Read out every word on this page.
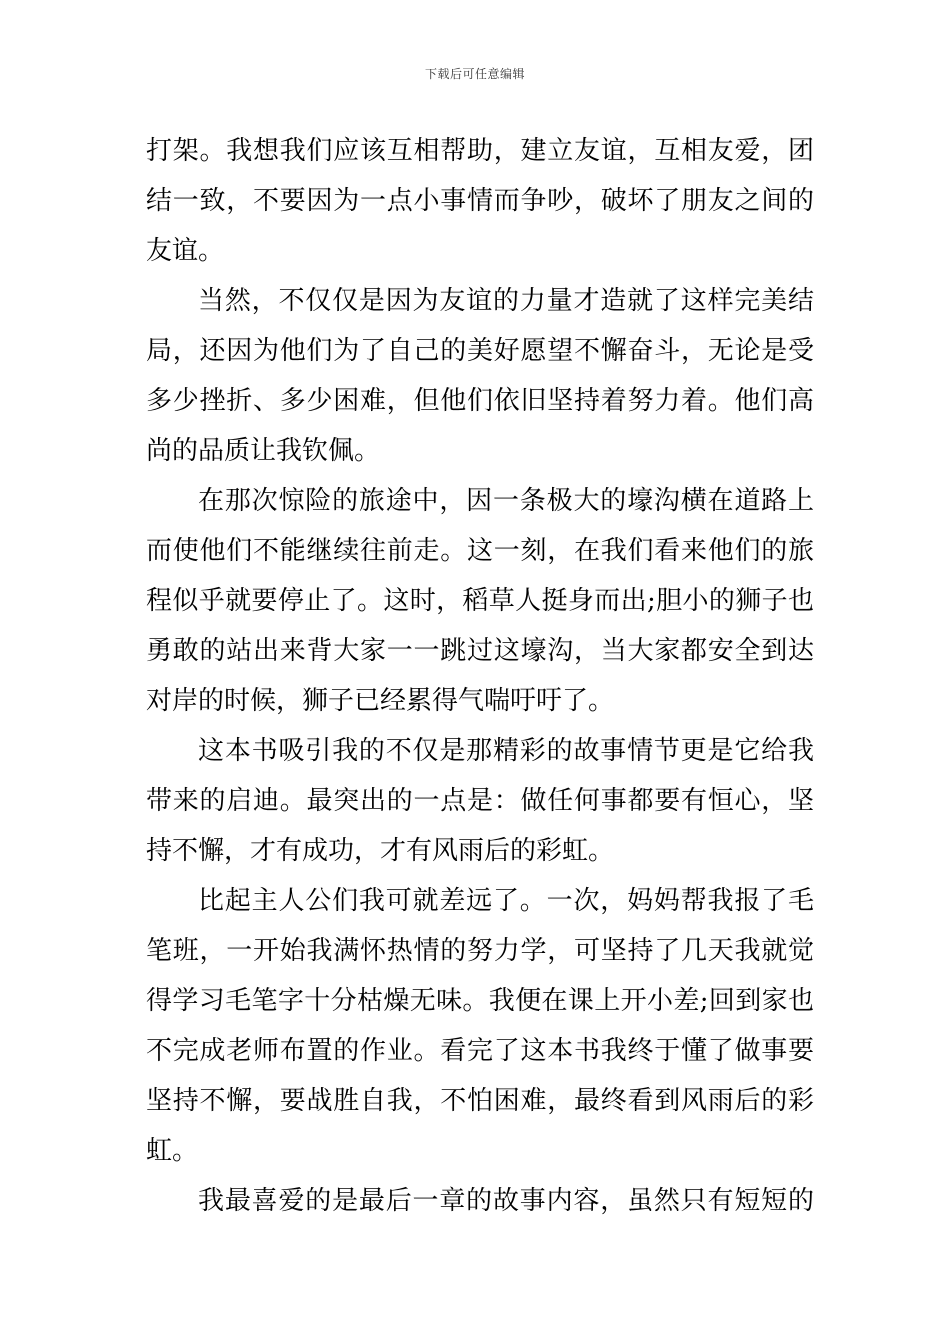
下载后可任意编辑
打架。我想我们应该互相帮助，建立友谊，互相友爱，团
结一致，不要因为一点小事情而争吵，破坏了朋友之间的
友谊。
当然，不仅仅是因为友谊的力量才造就了这样完美结
局，还因为他们为了自己的美好愿望不懈奋斗，无论是受
多少挫折、多少困难，但他们依旧坚持着努力着。他们高
尚的品质让我钦佩。
在那次惊险的旅途中，因一条极大的壕沟横在道路上
而使他们不能继续往前走。这一刻，在我们看来他们的旅
程似乎就要停止了。这时，稻草人挺身而出;胆小的狮子也
勇敢的站出来背大家一一跳过这壕沟，当大家都安全到达
对岸的时候，狮子已经累得气喘吁吁了。
这本书吸引我的不仅是那精彩的故事情节更是它给我
带来的启迪。最突出的一点是：做任何事都要有恒心，坚
持不懈，才有成功，才有风雨后的彩虹。
比起主人公们我可就差远了。一次，妈妈帮我报了毛
笔班，一开始我满怀热情的努力学，可坚持了几天我就觉
得学习毛笔字十分枯燥无味。我便在课上开小差;回到家也
不完成老师布置的作业。看完了这本书我终于懂了做事要
坚持不懈，要战胜自我，不怕困难，最终看到风雨后的彩
虹。
我最喜爱的是最后一章的故事内容，虽然只有短短的
